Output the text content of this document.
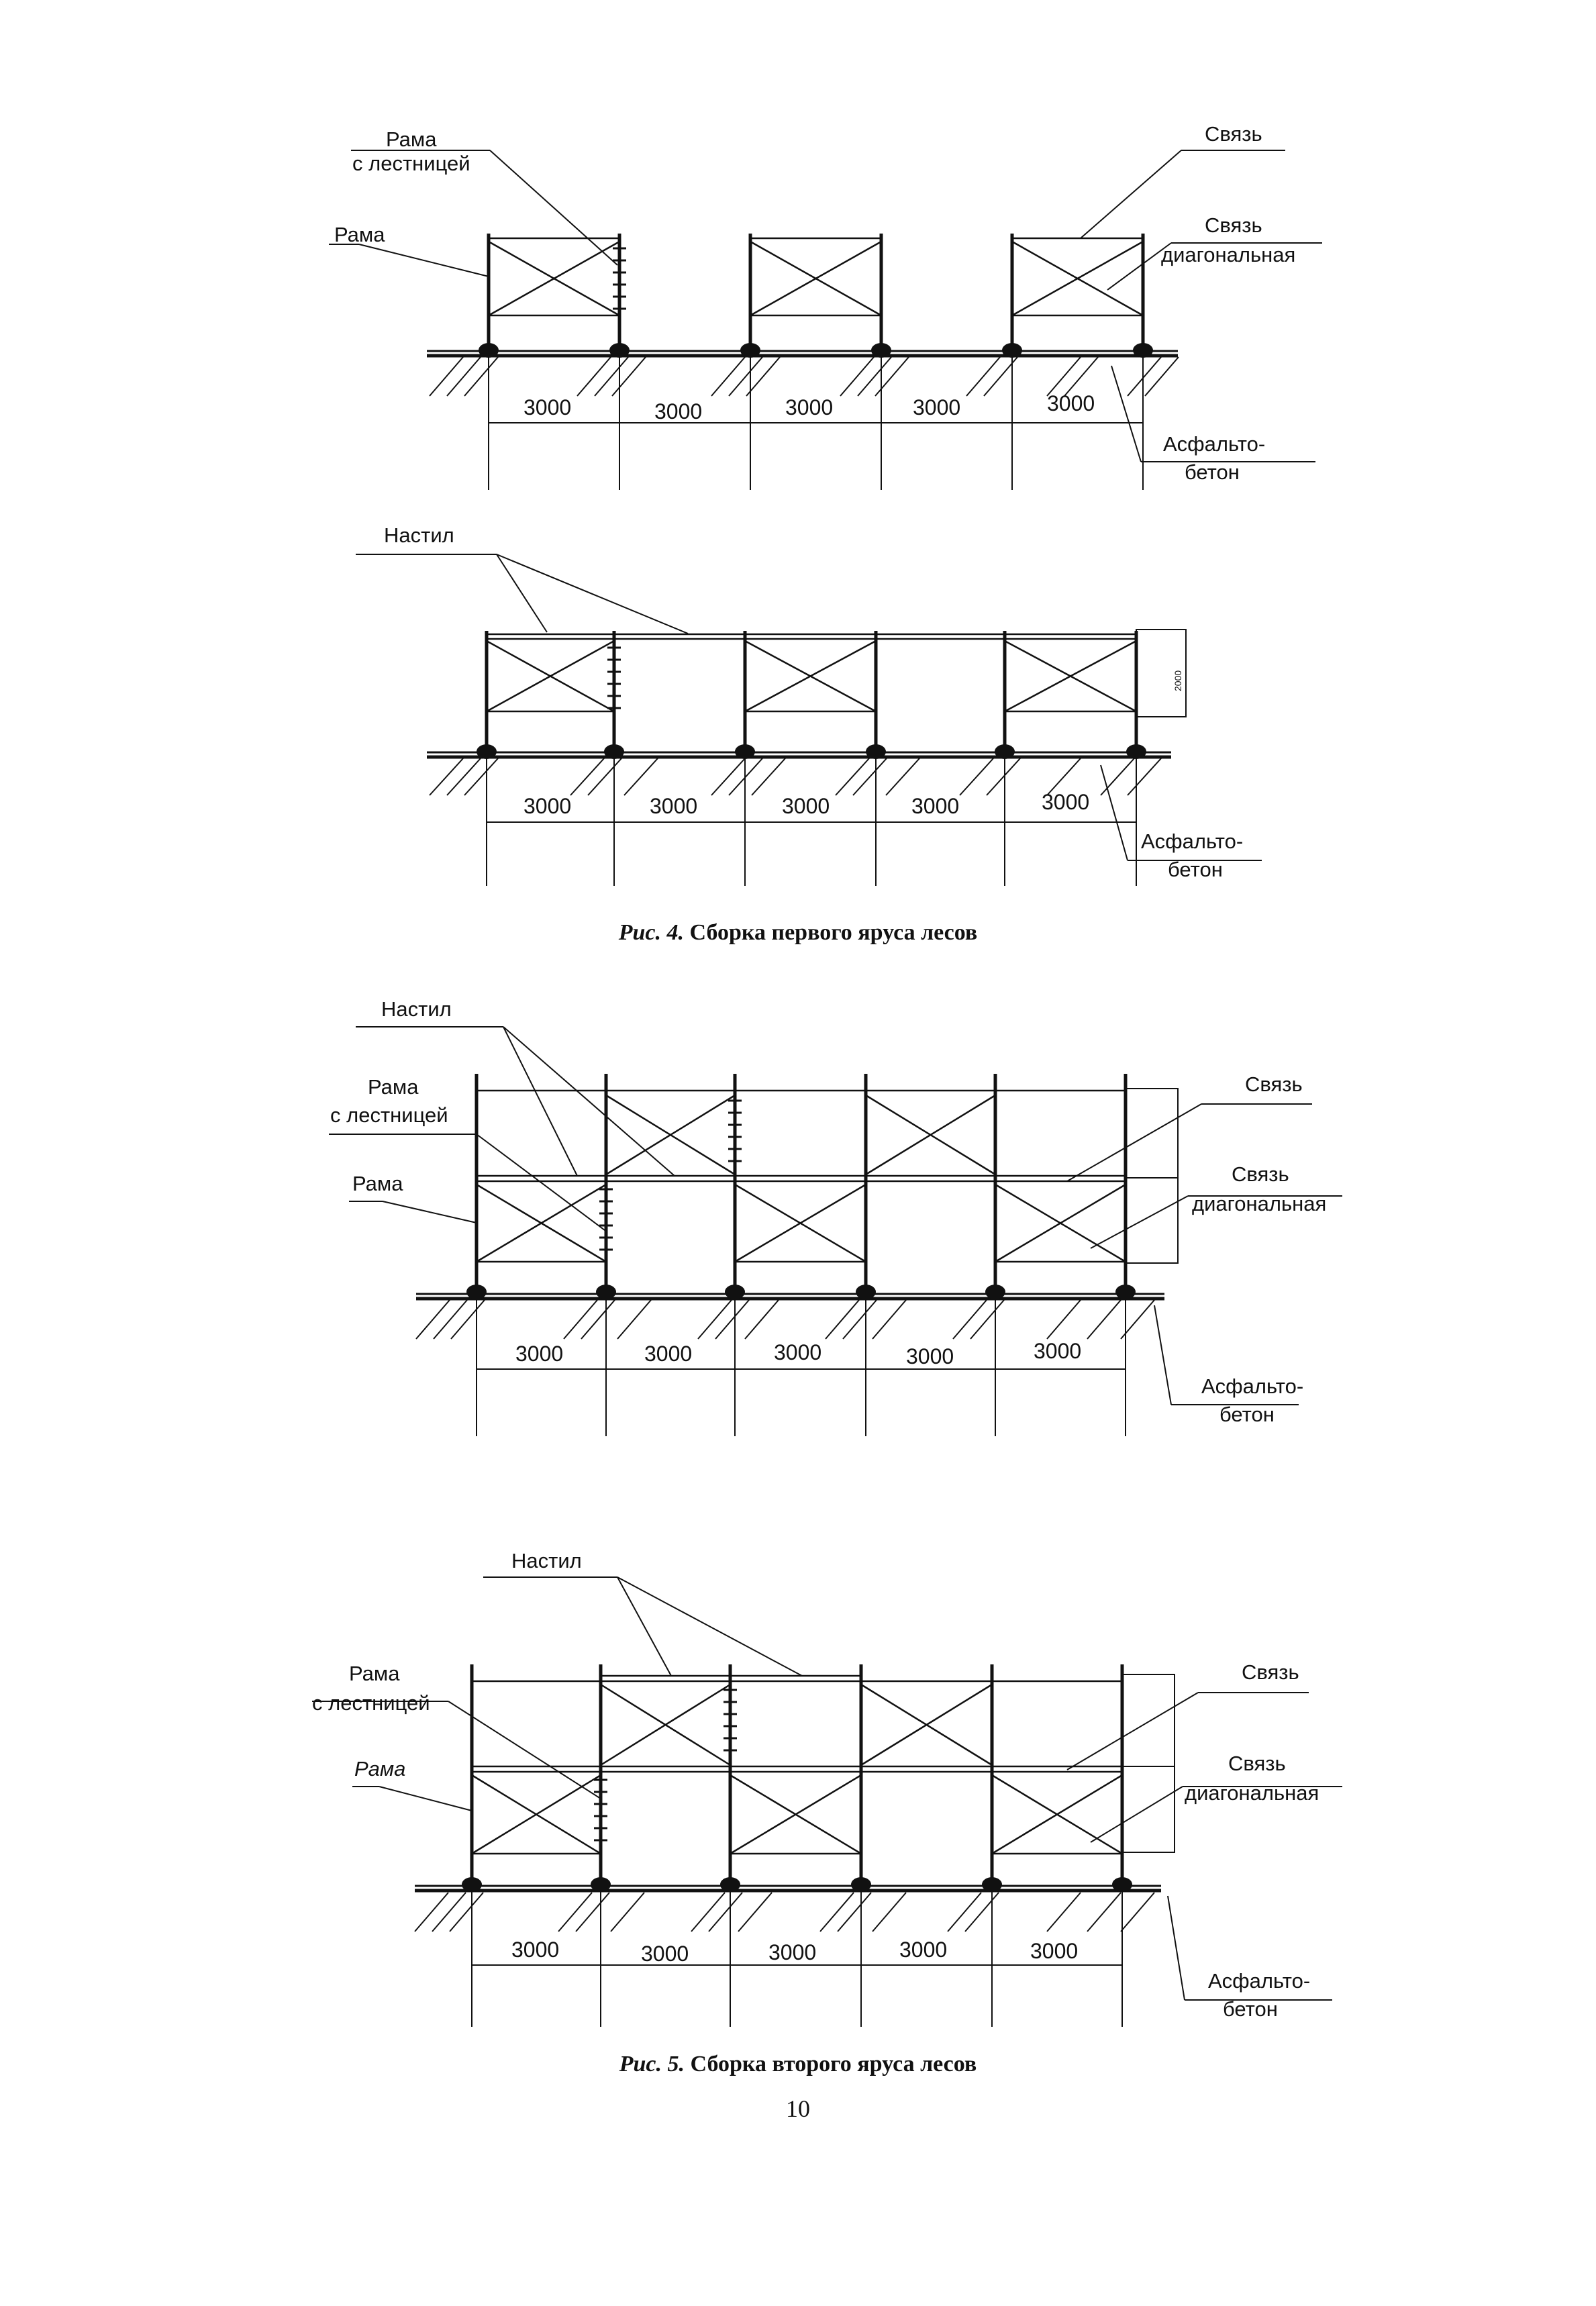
Рама
с лестницей
Рама
Связь
Связь
диагональная
Асфальто-
бетон
3000	3000	3000	3000	3000
Настил
2000
Асфальто-
бетон
3000	3000	3000	3000	3000
Рис. 4. Сборка первого яруса лесов
Настил
Рама
с лестницей
Рама
Связь
Связь
диагональная
Асфальто-
бетон
3000	3000	3000	3000	3000
Настил
Рама
с лестницей
Рама
Связь
Связь
диагональная
Асфальто-
бетон
3000	3000	3000	3000	3000
Рис. 5. Сборка второго яруса лесов
10
